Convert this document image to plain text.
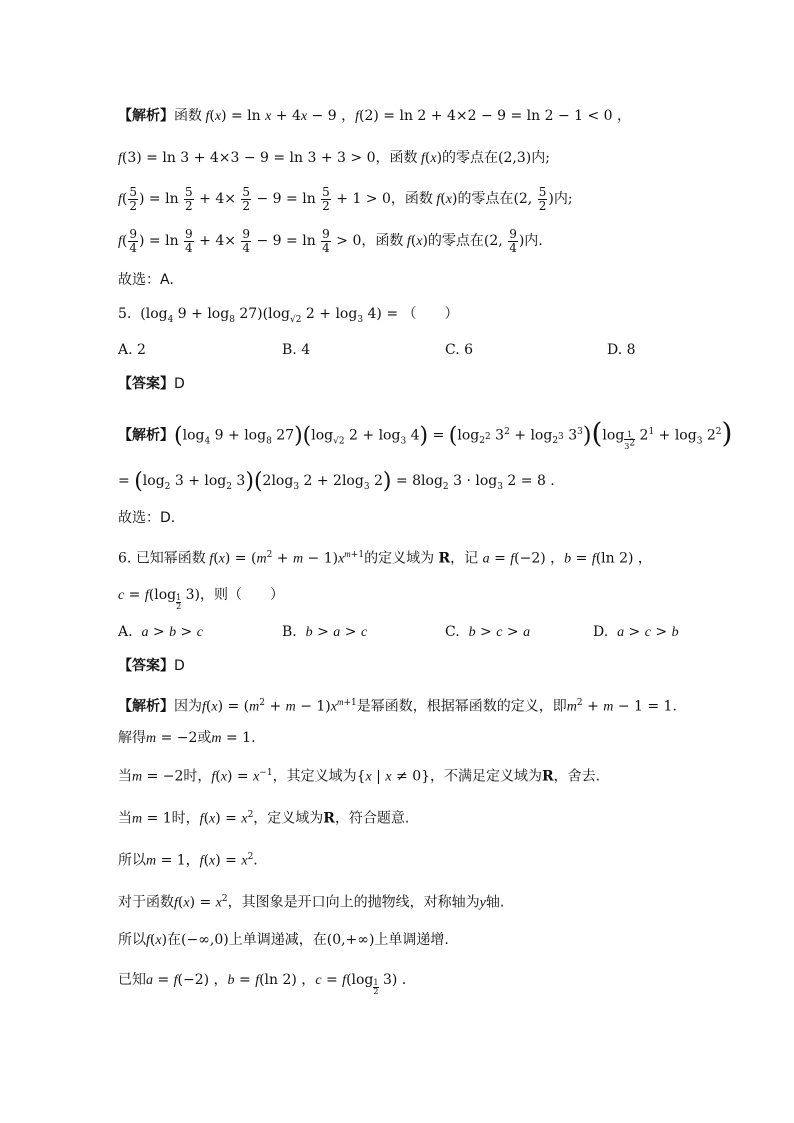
【解析】函数 f(x) = ln x + 4x − 9 ，f(2) = ln 2 + 4×2 − 9 = ln 2 − 1 < 0 ，
f(3) = ln 3 + 4×3 − 9 = ln 3 + 3 > 0，函数 f(x)的零点在(2,3)内;
$f( \frac{5}{2}$ ) = $\ln \frac{5}{2} + 4\times \frac{5}{2} - 9 = \ln \frac{5}{2} + 1 > 0$，函数 f(x)的零点在(2, $\frac{5}{2}$ )内;
$f( \frac{9}{4}$ ) = $\ln \frac{9}{4} + 4\times \frac{9}{4} - 9 = \ln \frac{9}{4} > 0$，函数 f(x)的零点在(2, $\frac{9}{4}$ )内.
故选：A.
5.  ($\log_4$ $9 + \log_8 27)(\log_{√2}$ $2 + \log_3 4$) = （　　）
A. 2	B. 4	C. 6	D. 8
【答案】D
【解析】($\log_4$ $9 + \log_8 27)(\log_{√2}$ $2 + \log_3 4) = (\log_{2^2}$ $3^2 + \log_{2^3} 3^3)(\log$ $_{\frac{1}{3^2}}$ $2^1 + \log_3 2^2$)
= ($\log_2$ $3 + \log_2 3)(2\log_3$ $2 + 2\log_3$ $2) = 8\log_2$ $3 \cdot \log_3 2 = 8$ .
故选：D.
6. 已知幂函数 $f(x) = (m^2 + m - 1)x^{m+1}$的定义域为 R，记 a = f(−2) ，b = f(ln 2) ，
c = f(log $_{\frac{1}{2}}$ 3)，则（　　）
A. a > b > c	B. b > a > c	C. b > c > a	D. a > c > b
【答案】D
【解析】因为$f(x) = (m^2 + m - 1)x^{m+1}$是幂函数，根据幂函数的定义，即$m^2 + m - 1 = 1$.
解得m = −2或m = 1.
当m = −2时，$f(x) = x^{-1}$，其定义域为{x | x ≠ 0}，不满足定义域为R，舍去.
当m = 1时，$f(x) = x^2$，定义域为R，符合题意.
所以m = 1，$f(x) = x^2$.
对于函数$f(x) = x^2$，其图象是开口向上的抛物线，对称轴为y轴.
所以f(x)在(−∞,0)上单调递减，在(0,+∞)上单调递增.
已知a = f(−2) ，b = f(ln 2) ，c = f(log $_{\frac{1}{2}}$ 3) .
